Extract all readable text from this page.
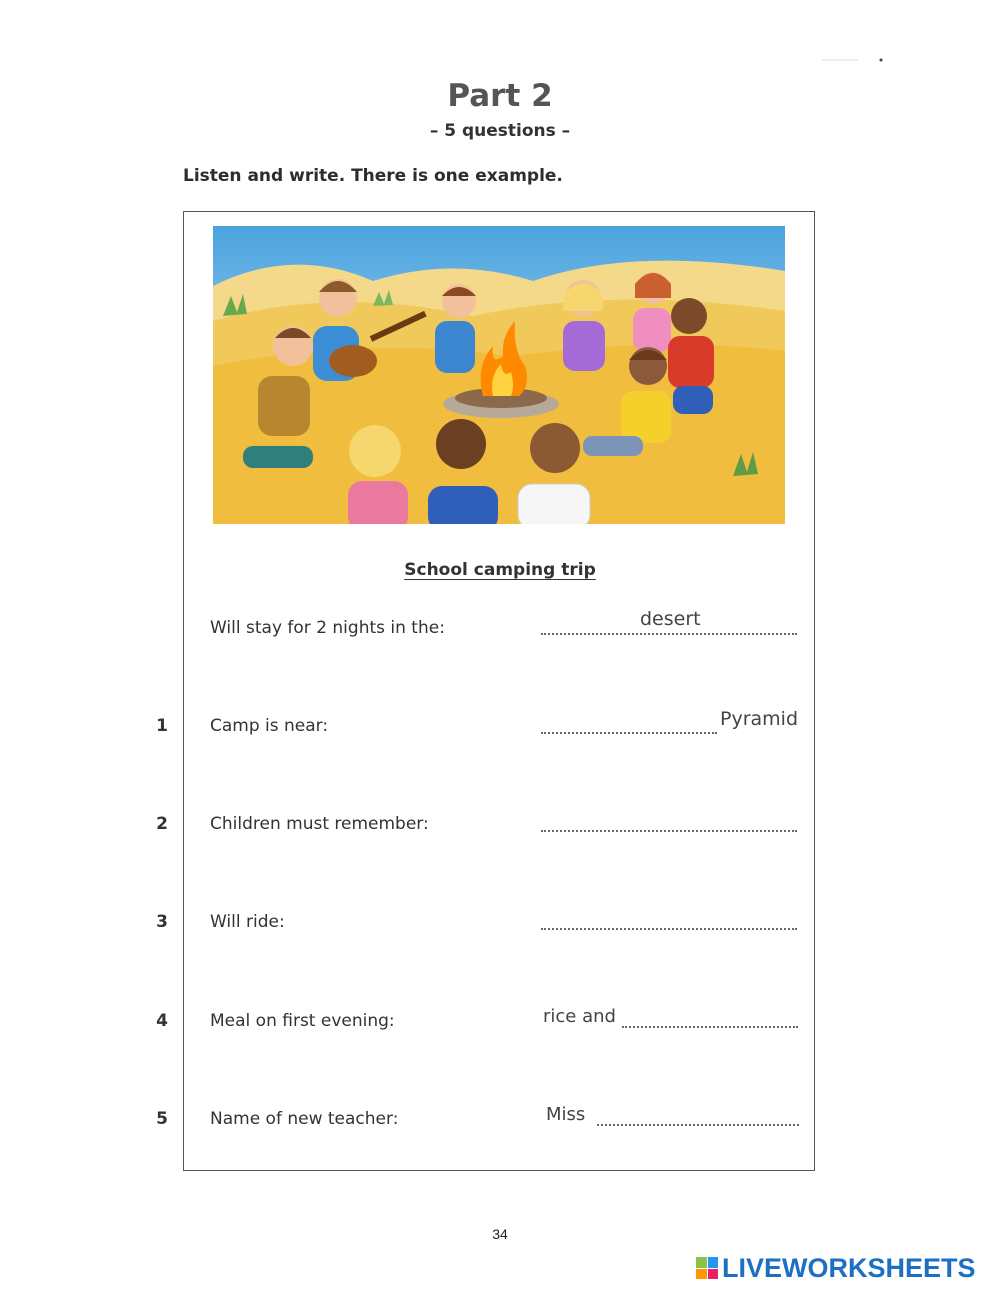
Part 2
– 5 questions –
Listen and write. There is one example.
School camping trip
Will stay for 2 nights in the:	desert
1	Camp is near:	Pyramid
2	Children must remember:
3	Will ride:
4	Meal on first evening:	rice and
5	Name of new teacher:	Miss
34
LIVEWORKSHEETS
